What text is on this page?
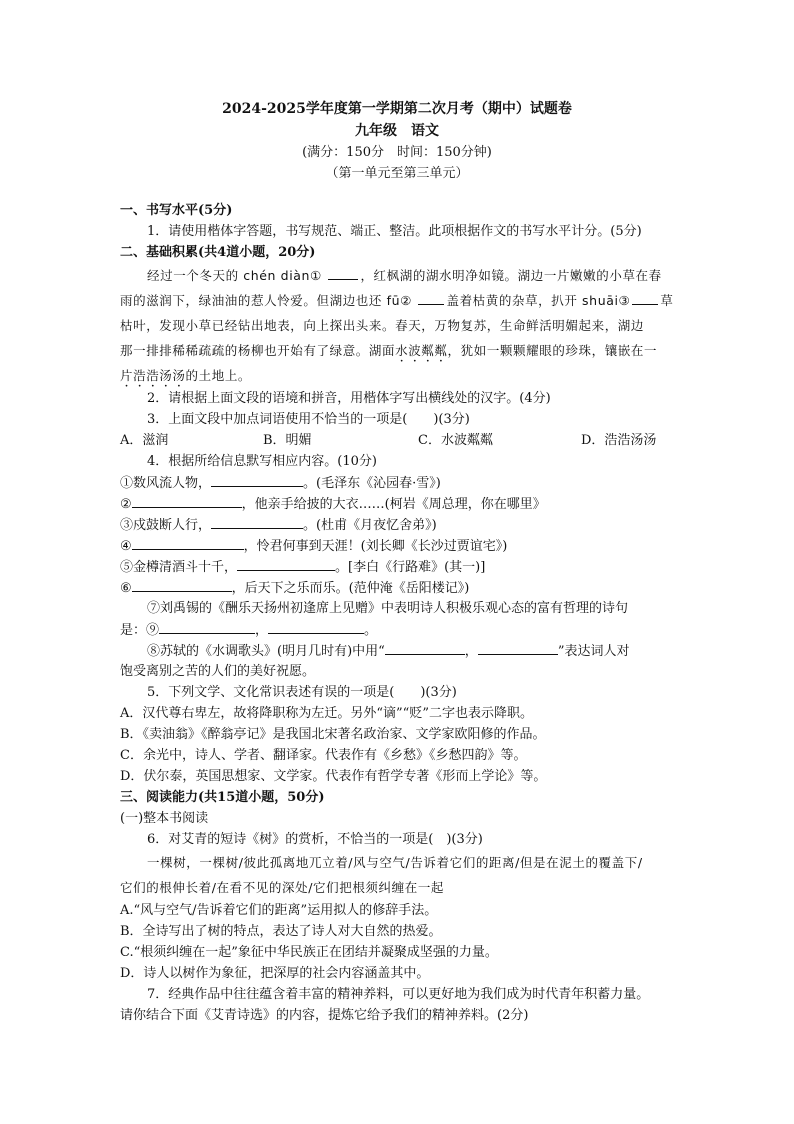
2024-2025学年度第一学期第二次月考（期中）试题卷
九年级　语文
(满分：150分　时间：150分钟)
（第一单元至第三单元）
一、书写水平(5分)
1．请使用楷体字答题，书写规范、端正、整洁。此项根据作文的书写水平计分。(5分)
二、基础积累(共4道小题，20分)
经过一个冬天的 chén diàn①	，红枫湖的湖水明净如镜。湖边一片嫩嫩的小草在春
雨的滋润下，绿油油的惹人怜爱。但湖边也还 fū②	盖着枯黄的杂草，扒开 shuāi③ 草
枯叶，发现小草已经钻出地表，向上探出头来。春天，万物复苏，生命鲜活明媚起来，湖边
那一排排稀稀疏疏的杨柳也开始有了绿意。湖面水波粼粼，犹如一颗颗耀眼的珍珠，镶嵌在一
片浩浩汤汤的土地上。
2．请根据上面文段的语境和拼音，用楷体字写出横线处的汉字。(4分)
3．上面文段中加点词语使用不恰当的一项是(　　)(3分)
A．滋润	B．明媚	C．水波粼粼	D．浩浩汤汤
4．根据所给信息默写相应内容。(10分)
①数风流人物，	。(毛泽东《沁园春·雪》)
②	，他亲手给披的大衣……(柯岩《周总理，你在哪里》
③戍鼓断人行，	。(杜甫《月夜忆舍弟》)
④	，怜君何事到天涯！(刘长卿《长沙过贾谊宅》)
⑤金樽清酒斗十千，	。[李白《行路难》(其一)]
⑥	，后天下之乐而乐。(范仲淹《岳阳楼记》)
⑦刘禹锡的《酬乐天扬州初逢席上见赠》中表明诗人积极乐观心态的富有哲理的诗句
是：⑨	，	。
⑧苏轼的《水调歌头》(明月几时有)中用“	，	”表达词人对
饱受离别之苦的人们的美好祝愿。
5．下列文学、文化常识表述有误的一项是(　　)(3分)
A．汉代尊右卑左，故将降职称为左迁。另外“谪”“贬”二字也表示降职。
B．《卖油翁》《醉翁亭记》是我国北宋著名政治家、文学家欧阳修的作品。
C．余光中，诗人、学者、翻译家。代表作有《乡愁》《乡愁四韵》等。
D．伏尔泰，英国思想家、文学家。代表作有哲学专著《形而上学论》等。
三、阅读能力(共15道小题，50分)
(一)整本书阅读
6．对艾青的短诗《树》的赏析，不恰当的一项是(　)(3分)
一棵树，一棵树/彼此孤离地兀立着/风与空气/告诉着它们的距离/但是在泥土的覆盖下/
它们的根伸长着/在看不见的深处/它们把根须纠缠在一起
A.“风与空气/告诉着它们的距离”运用拟人的修辞手法。
B．全诗写出了树的特点，表达了诗人对大自然的热爱。
C.“根须纠缠在一起”象征中华民族正在团结并凝聚成坚强的力量。
D．诗人以树作为象征，把深厚的社会内容涵盖其中。
7．经典作品中往往蕴含着丰富的精神养料，可以更好地为我们成为时代青年积蓄力量。
请你结合下面《艾青诗选》的内容，提炼它给予我们的精神养料。(2分)
